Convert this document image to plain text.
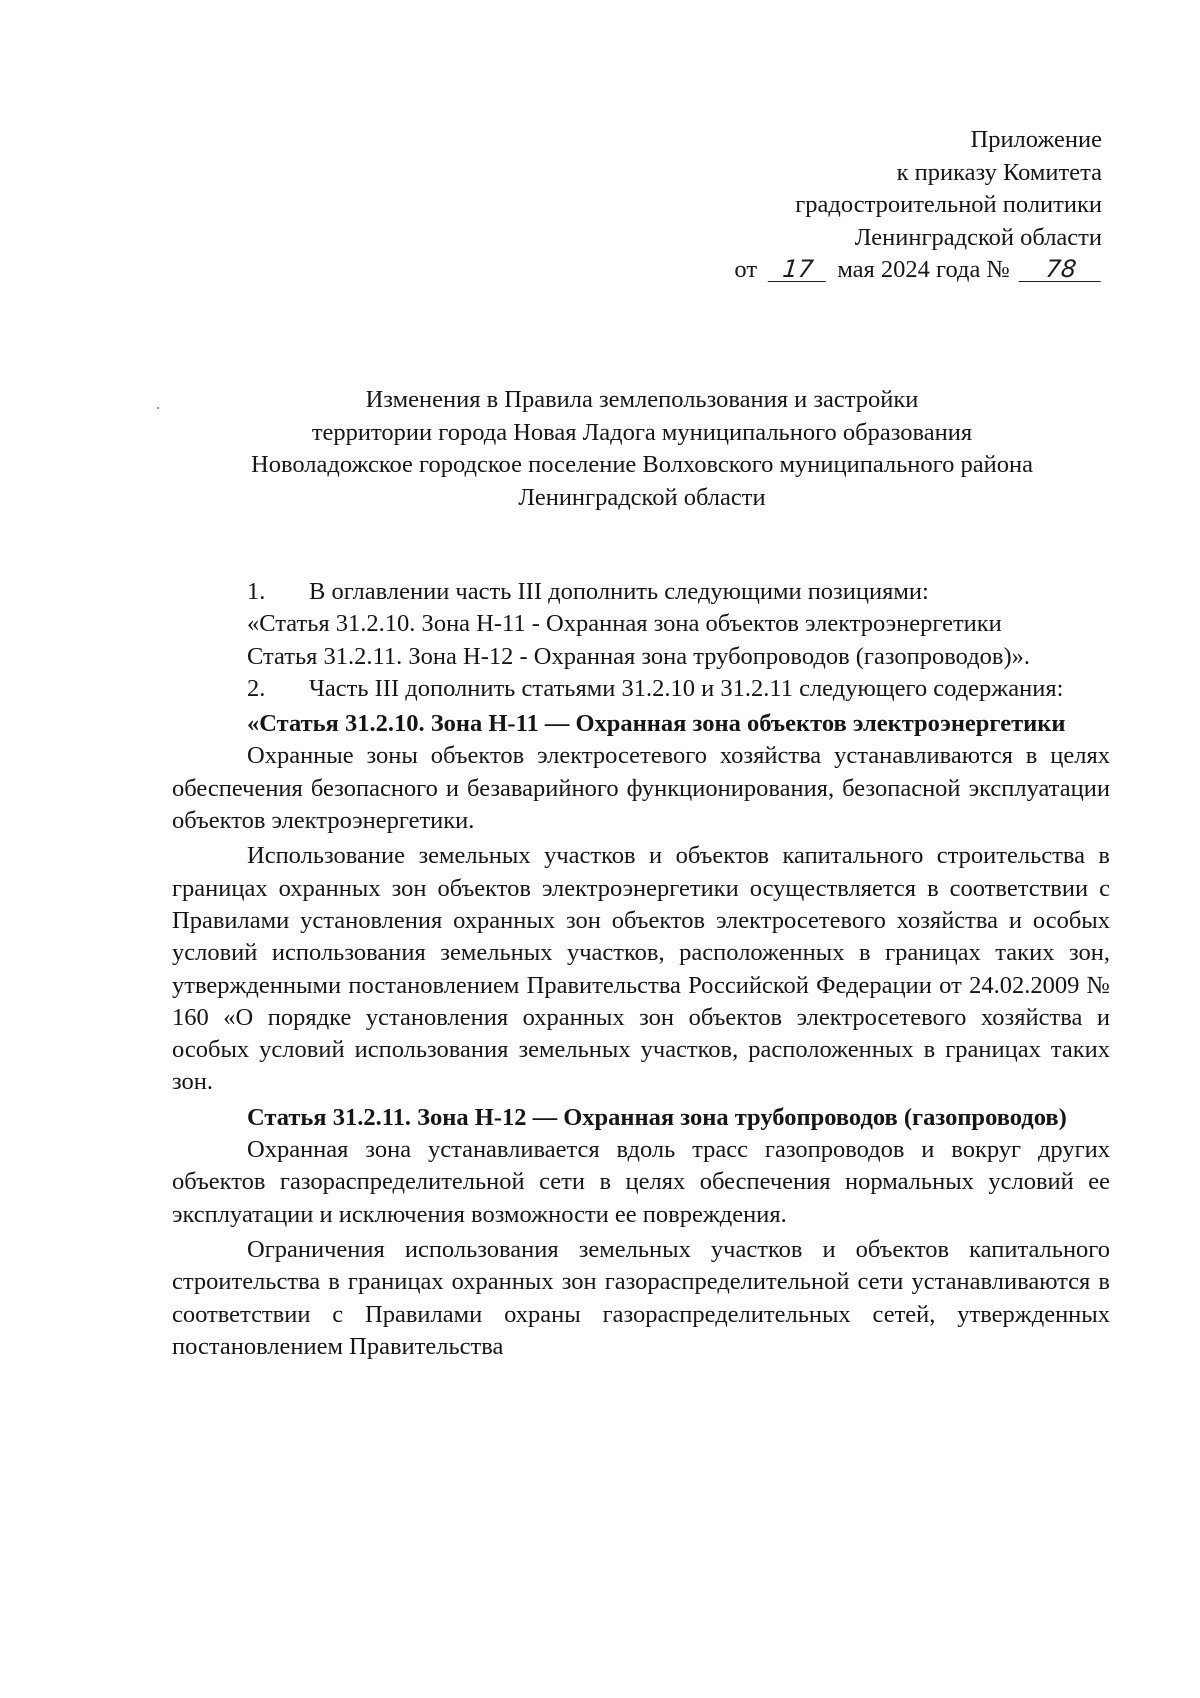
Приложение
к приказу Комитета
градостроительной политики
Ленинградской области
от 17 мая 2024 года № 78
Изменения в Правила землепользования и застройки
территории города Новая Ладога муниципального образования
Новоладожское городское поселение Волховского муниципального района
Ленинградской области

1. В оглавлении часть III дополнить следующими позициями:

«Статья 31.2.10. Зона Н-11 - Охранная зона объектов электроэнергетики

Статья 31.2.11. Зона Н-12 - Охранная зона трубопроводов (газопроводов)».

2. Часть III дополнить статьями 31.2.10 и 31.2.11 следующего содержания:

«Статья 31.2.10. Зона Н-11 — Охранная зона объектов электроэнергетики

Охранные зоны объектов электросетевого хозяйства устанавливаются в целях обеспечения безопасного и безаварийного функционирования, безопасной эксплуатации объектов электроэнергетики.

Использование земельных участков и объектов капитального строительства в границах охранных зон объектов электроэнергетики осуществляется в соответствии с Правилами установления охранных зон объектов электросетевого хозяйства и особых условий использования земельных участков, расположенных в границах таких зон, утвержденными постановлением Правительства Российской Федерации от 24.02.2009 № 160 «О порядке установления охранных зон объектов электросетевого хозяйства и особых условий использования земельных участков, расположенных в границах таких зон.

Статья 31.2.11. Зона Н-12 — Охранная зона трубопроводов (газопроводов)

Охранная зона устанавливается вдоль трасс газопроводов и вокруг других объектов газораспределительной сети в целях обеспечения нормальных условий ее эксплуатации и исключения возможности ее повреждения.

Ограничения использования земельных участков и объектов капитального строительства в границах охранных зон газораспределительной сети устанавливаются в соответствии с Правилами охраны газораспределительных сетей, утвержденных постановлением Правительства
